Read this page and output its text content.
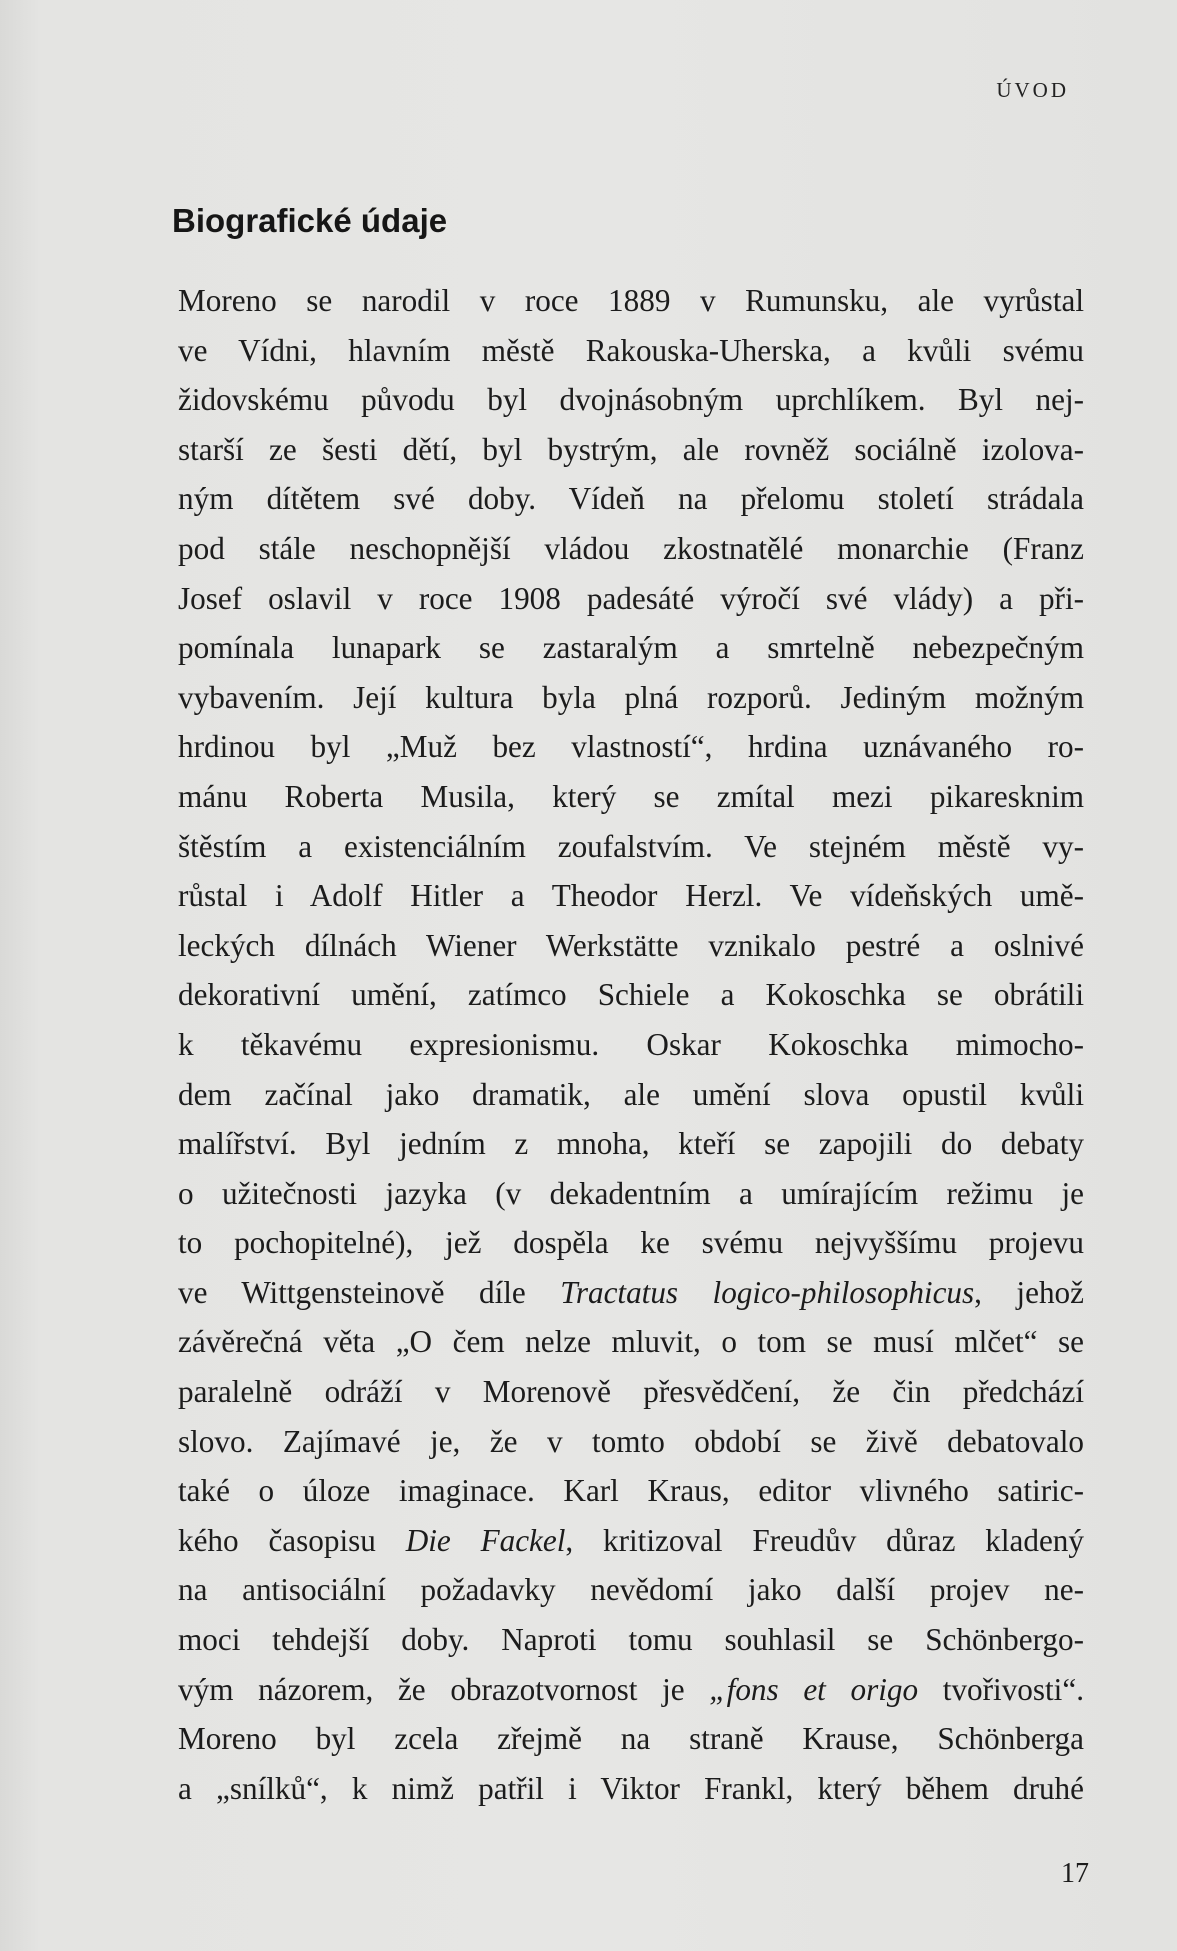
ÚVOD
Biografické údaje
Moreno se narodil v roce 1889 v Rumunsku, ale vyrůstal
ve Vídni, hlavním městě Rakouska-Uherska, a kvůli svému
židovskému původu byl dvojnásobným uprchlíkem. Byl nej-
starší ze šesti dětí, byl bystrým, ale rovněž sociálně izolova-
ným dítětem své doby. Vídeň na přelomu století strádala
pod stále neschopnější vládou zkostnatělé monarchie (Franz
Josef oslavil v roce 1908 padesáté výročí své vlády) a při-
pomínala lunapark se zastaralým a smrtelně nebezpečným
vybavením. Její kultura byla plná rozporů. Jediným možným
hrdinou byl „Muž bez vlastností“, hrdina uznávaného ro-
mánu Roberta Musila, který se zmítal mezi pikaresknim
štěstím a existenciálním zoufalstvím. Ve stejném městě vy-
růstal i Adolf Hitler a Theodor Herzl. Ve vídeňských umě-
leckých dílnách Wiener Werkstätte vznikalo pestré a oslnivé
dekorativní umění, zatímco Schiele a Kokoschka se obrátili
k těkavému expresionismu. Oskar Kokoschka mimocho-
dem začínal jako dramatik, ale umění slova opustil kvůli
malířství. Byl jedním z mnoha, kteří se zapojili do debaty
o užitečnosti jazyka (v dekadentním a umírajícím režimu je
to pochopitelné), jež dospěla ke svému nejvyššímu projevu
ve Wittgensteinově díle Tractatus logico-philosophicus, jehož
závěrečná věta „O čem nelze mluvit, o tom se musí mlčet“ se
paralelně odráží v Morenově přesvědčení, že čin předchází
slovo. Zajímavé je, že v tomto období se živě debatovalo
také o úloze imaginace. Karl Kraus, editor vlivného satiric-
kého časopisu Die Fackel, kritizoval Freudův důraz kladený
na antisociální požadavky nevědomí jako další projev ne-
moci tehdejší doby. Naproti tomu souhlasil se Schönbergo-
vým názorem, že obrazotvornost je „fons et origo tvořivosti“.
Moreno byl zcela zřejmě na straně Krause, Schönberga
a „snílků“, k nimž patřil i Viktor Frankl, který během druhé
17
